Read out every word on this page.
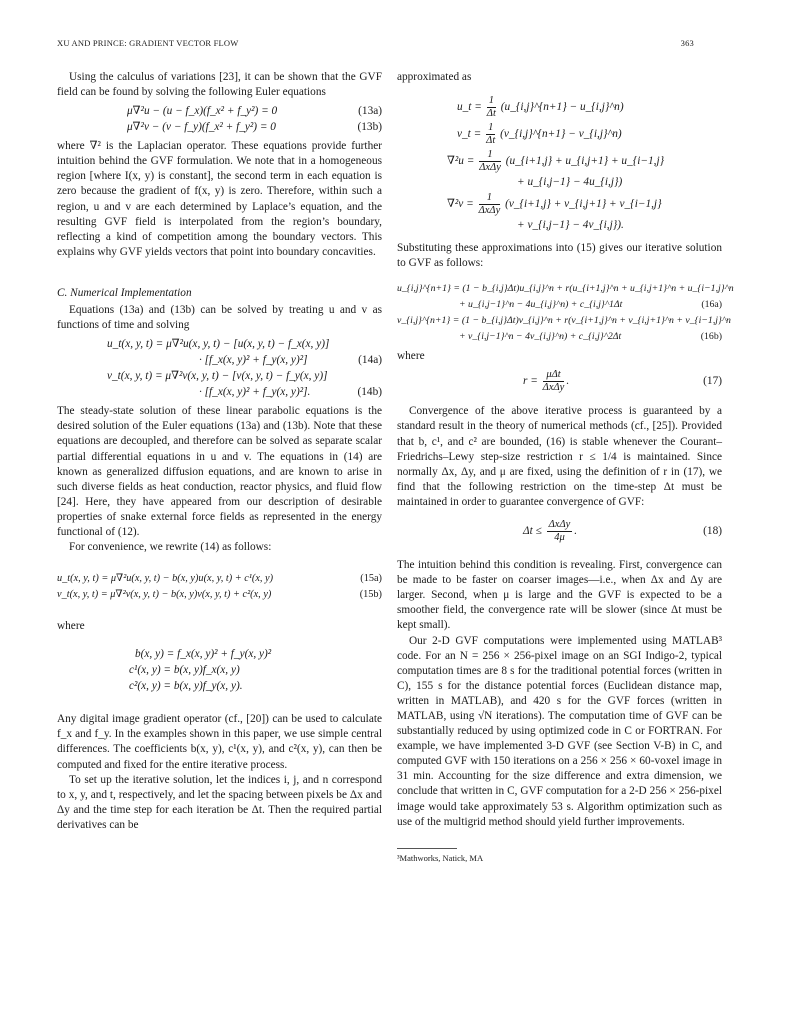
XU AND PRINCE: GRADIENT VECTOR FLOW	363

Using the calculus of variations [23], it can be shown that the GVF field can be found by solving the following Euler equations

μ∇²u − (u − f_x)(f_x² + f_y²) = 0	(13a)
μ∇²v − (v − f_y)(f_x² + f_y²) = 0	(13b)

where ∇² is the Laplacian operator. These equations provide further intuition behind the GVF formulation. We note that in a homogeneous region [where I(x, y) is constant], the second term in each equation is zero because the gradient of f(x, y) is zero. Therefore, within such a region, u and v are each determined by Laplace’s equation, and the resulting GVF field is interpolated from the region’s boundary, reflecting a kind of competition among the boundary vectors. This explains why GVF yields vectors that point into boundary concavities.

C. Numerical Implementation

Equations (13a) and (13b) can be solved by treating u and v as functions of time and solving

u_t(x, y, t) = μ∇²u(x, y, t) − [u(x, y, t) − f_x(x, y)]
· [f_x(x, y)² + f_y(x, y)²]	(14a)
v_t(x, y, t) = μ∇²v(x, y, t) − [v(x, y, t) − f_y(x, y)]
· [f_x(x, y)² + f_y(x, y)²].	(14b)

The steady-state solution of these linear parabolic equations is the desired solution of the Euler equations (13a) and (13b). Note that these equations are decoupled, and therefore can be solved as separate scalar partial differential equations in u and v. The equations in (14) are known as generalized diffusion equations, and are known to arise in such diverse fields as heat conduction, reactor physics, and fluid flow [24]. Here, they have appeared from our description of desirable properties of snake external force fields as represented in the energy functional of (12).

For convenience, we rewrite (14) as follows:

u_t(x, y, t) = μ∇²u(x, y, t) − b(x, y)u(x, y, t) + c¹(x, y)	(15a)
v_t(x, y, t) = μ∇²v(x, y, t) − b(x, y)v(x, y, t) + c²(x, y)	(15b)

where

b(x, y) = f_x(x, y)² + f_y(x, y)²
c¹(x, y) = b(x, y)f_x(x, y)
c²(x, y) = b(x, y)f_y(x, y).

Any digital image gradient operator (cf., [20]) can be used to calculate f_x and f_y. In the examples shown in this paper, we use simple central differences. The coefficients b(x, y), c¹(x, y), and c²(x, y), can then be computed and fixed for the entire iterative process.

To set up the iterative solution, let the indices i, j, and n correspond to x, y, and t, respectively, and let the spacing between pixels be Δx and Δy and the time step for each iteration be Δt. Then the required partial derivatives can be

approximated as

u_t = $\frac{1}{\Delta t}$ (u_{i,j}^{n+1} − u_{i,j}^n)
v_t = $\frac{1}{\Delta t}$ (v_{i,j}^{n+1} − v_{i,j}^n)
$\nabla^2u = \frac{1}{\text{ΔxΔy}}$ (u_{i+1,j} + u_{i,j+1} + u_{i−1,j}
+ u_{i,j−1} − 4u_{i,j})
$\nabla^2v = \frac{1}{\text{ΔxΔy}}$ (v_{i+1,j} + v_{i,j+1} + v_{i−1,j}
+ v_{i,j−1} − 4v_{i,j}).

Substituting these approximations into (15) gives our iterative solution to GVF as follows:

u_{i,j}^{n+1} = (1 − b_{i,j}Δt)u_{i,j}^n + r(u_{i+1,j}^n + u_{i,j+1}^n + u_{i−1,j}^n
+ u_{i,j−1}^n − 4u_{i,j}^n) + c_{i,j}^1Δt	(16a)
v_{i,j}^{n+1} = (1 − b_{i,j}Δt)v_{i,j}^n + r(v_{i+1,j}^n + v_{i,j+1}^n + v_{i−1,j}^n
+ v_{i,j−1}^n − 4v_{i,j}^n) + c_{i,j}^2Δt	(16b)

where

$r = \frac{\text{μΔt}}{\text{ΔxΔy}}$ .	(17)

Convergence of the above iterative process is guaranteed by a standard result in the theory of numerical methods (cf., [25]). Provided that b, c¹, and c² are bounded, (16) is stable whenever the Courant–Friedrichs–Lewy step-size restriction r ≤ 1/4 is maintained. Since normally Δx, Δy, and μ are fixed, using the definition of r in (17), we find that the following restriction on the time-step Δt must be maintained in order to guarantee convergence of GVF:

$\Delta t \le \frac{\text{ΔxΔy}}{4\mu}$ .	(18)

The intuition behind this condition is revealing. First, convergence can be made to be faster on coarser images—i.e., when Δx and Δy are larger. Second, when μ is large and the GVF is expected to be a smoother field, the convergence rate will be slower (since Δt must be kept small).

Our 2-D GVF computations were implemented using MATLAB³ code. For an N = 256 × 256-pixel image on an SGI Indigo-2, typical computation times are 8 s for the traditional potential forces (written in C), 155 s for the distance potential forces (Euclidean distance map, written in MATLAB), and 420 s for the GVF forces (written in MATLAB, using √N iterations). The computation time of GVF can be substantially reduced by using optimized code in C or FORTRAN. For example, we have implemented 3-D GVF (see Section V-B) in C, and computed GVF with 150 iterations on a 256 × 256 × 60-voxel image in 31 min. Accounting for the size difference and extra dimension, we conclude that written in C, GVF computation for a 2-D 256 × 256-pixel image would take approximately 53 s. Algorithm optimization such as use of the multigrid method should yield further improvements.

³Mathworks, Natick, MA
